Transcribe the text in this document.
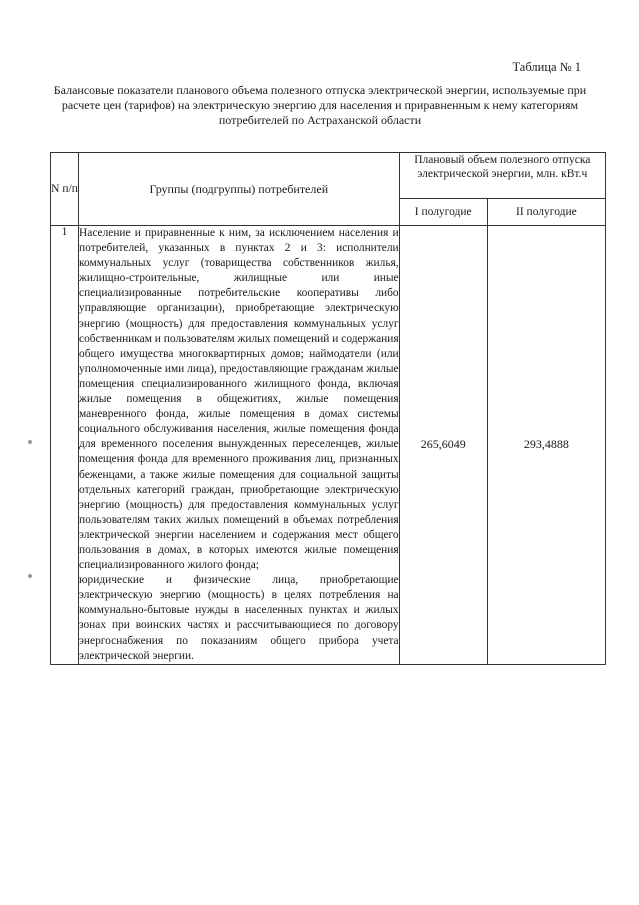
Таблица № 1
Балансовые показатели планового объема полезного отпуска электрической энергии, используемые при расчете цен (тарифов) на электрическую энергию для населения и приравненным к нему категориям потребителей по Астраханской области
N п/п	Группы (подгруппы) потребителей	Плановый объем полезного отпуска электрической энергии, млн. кВт.ч	
		I полугодие	II полугодие
1	Население и приравненные к ним, за исключением населения и потребителей, указанных в пунктах 2 и 3: исполнители коммунальных услуг (товарищества собственников жилья, жилищно-строительные, жилищные или иные специализированные потребительские кооперативы либо управляющие организации), приобретающие электрическую энергию (мощность) для предоставления коммунальных услуг собственникам и пользователям жилых помещений и содержания общего имущества многоквартирных домов; наймодатели (или уполномоченные ими лица), предоставляющие гражданам жилые помещения специализированного жилищного фонда, включая жилые помещения в общежитиях, жилые помещения маневренного фонда, жилые помещения в домах системы социального обслуживания населения, жилые помещения фонда для временного поселения вынужденных переселенцев, жилые помещения фонда для временного проживания лиц, признанных беженцами, а также жилые помещения для социальной защиты отдельных категорий граждан, приобретающие электрическую энергию (мощность) для предоставления коммунальных услуг пользователям таких жилых помещений в объемах потребления электрической энергии населением и содержания мест общего пользования в домах, в которых имеются жилые помещения специализированного жилого фонда;

юридические и физические лица, приобретающие электрическую энергию (мощность) в целях потребления на коммунально-бытовые нужды в населенных пунктах и жилых зонах при воинских частях и рассчитывающиеся по договору энергоснабжения по показаниям общего прибора учета электрической энергии.	265,6049	293,4888
